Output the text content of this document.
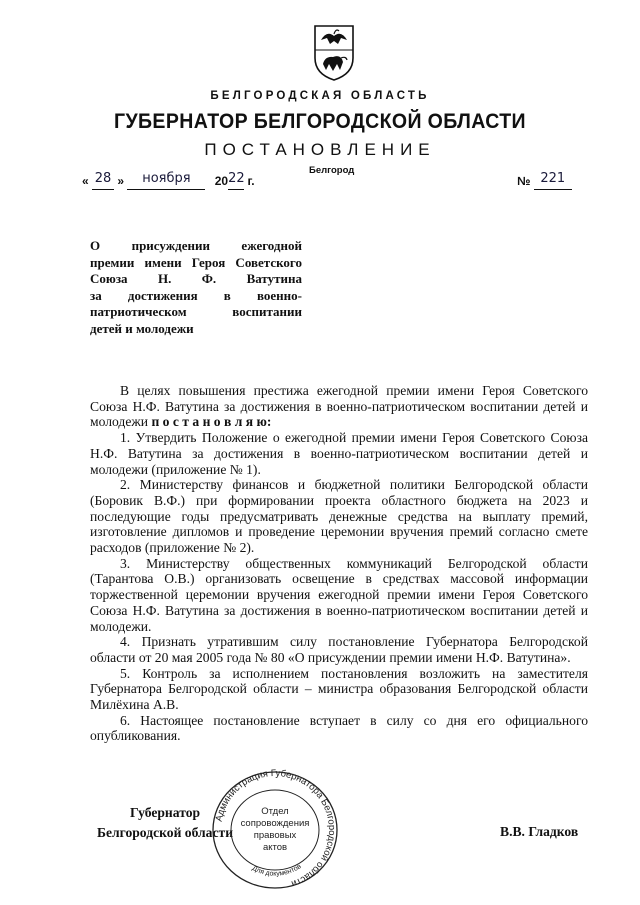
БЕЛГОРОДСКАЯ ОБЛАСТЬ
ГУБЕРНАТОР БЕЛГОРОДСКОЙ ОБЛАСТИ
ПОСТАНОВЛЕНИЕ
Белгород
« 28 » ноября 2022 г.	№ 221
О присуждении ежегодной
премии имени Героя Советского
Союза Н. Ф. Ватутина
за достижения в военно-
патриотическом воспитании
детей и молодежи

В целях повышения престижа ежегодной премии имени Героя Советского Союза Н.Ф. Ватутина за достижения в военно-патриотическом воспитании детей и молодежи п о с т а н о в л я ю:

1. Утвердить Положение о ежегодной премии имени Героя Советского Союза Н.Ф. Ватутина за достижения в военно-патриотическом воспитании детей и молодежи (приложение № 1).

2. Министерству финансов и бюджетной политики Белгородской области (Боровик В.Ф.) при формировании проекта областного бюджета на 2023 и последующие годы предусматривать денежные средства на выплату премий, изготовление дипломов и проведение церемонии вручения премий согласно смете расходов (приложение № 2).

3. Министерству общественных коммуникаций Белгородской области (Тарантова О.В.) организовать освещение в средствах массовой информации торжественной церемонии вручения ежегодной премии имени Героя Советского Союза Н.Ф. Ватутина за достижения в военно-патриотическом воспитании детей и молодежи.

4. Признать утратившим силу постановление Губернатора Белгородской области от 20 мая 2005 года № 80 «О присуждении премии имени Н.Ф. Ватутина».

5. Контроль за исполнением постановления возложить на заместителя Губернатора Белгородской области – министра образования Белгородской области Милёхина А.В.

6. Настоящее постановление вступает в силу со дня его официального опубликования.

Губернатор
Белгородской области	В.В. Гладков
Администрация Губернатора Белгородской области
Для документов
Отдел
сопровождения
правовых
актов
